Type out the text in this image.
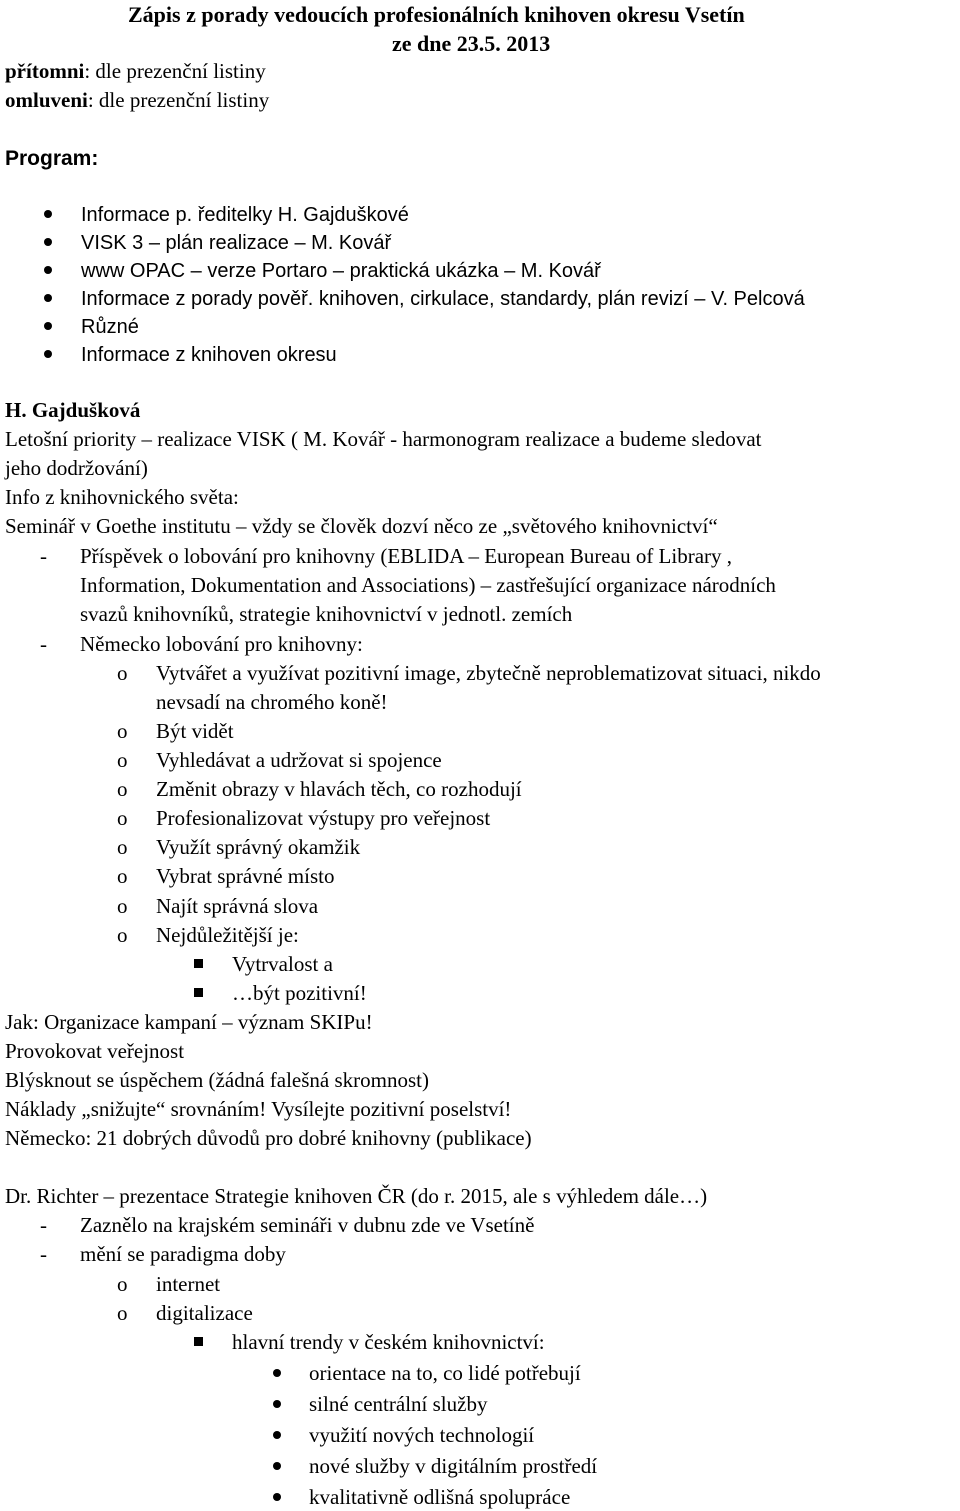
Zápis z porady vedoucích profesionálních knihoven okresu Vsetín
ze dne 23.5. 2013
přítomni: dle prezenční listiny
omluveni: dle prezenční listiny
Program:
Informace p. ředitelky H. Gajduškové
VISK 3 – plán realizace – M. Kovář
www OPAC – verze Portaro – praktická ukázka – M. Kovář
Informace z porady pověř. knihoven, cirkulace, standardy, plán revizí – V. Pelcová
Různé
Informace z knihoven okresu
H. Gajdušková
Letošní priority – realizace VISK ( M. Kovář - harmonogram realizace a budeme sledovat
jeho dodržování)
Info z knihovnického světa:
Seminář v Goethe institutu – vždy se člověk dozví něco ze „světového knihovnictví“
- Příspěvek o lobování pro knihovny (EBLIDA – European Bureau of Library ,
Information, Dokumentation and Associations) – zastřešující organizace národních
svazů knihovníků, strategie knihovnictví v jednotl. zemích
- Německo lobování pro knihovny:
o Vytvářet a využívat pozitivní image, zbytečně neproblematizovat situaci, nikdo
nevsadí na chromého koně!
o Být vidět
o Vyhledávat a udržovat si spojence
o Změnit obrazy v hlavách těch, co rozhodují
o Profesionalizovat výstupy pro veřejnost
o Využít správný okamžik
o Vybrat správné místo
o Najít správná slova
o Nejdůležitější je:
Vytrvalost a
…být pozitivní!
Jak: Organizace kampaní – význam SKIPu!
Provokovat veřejnost
Blýsknout se úspěchem (žádná falešná skromnost)
Náklady „snižujte“ srovnáním! Vysílejte pozitivní poselství!
Německo: 21 dobrých důvodů pro dobré knihovny (publikace)
Dr. Richter – prezentace Strategie knihoven ČR (do r. 2015, ale s výhledem dále…)
- Zaznělo na krajském semináři v dubnu zde ve Vsetíně
- mění se paradigma doby
o internet
o digitalizace
hlavní trendy v českém knihovnictví:
orientace na to, co lidé potřebují
silné centrální služby
využití nových technologií
nové služby v digitálním prostředí
kvalitativně odlišná spolupráce
